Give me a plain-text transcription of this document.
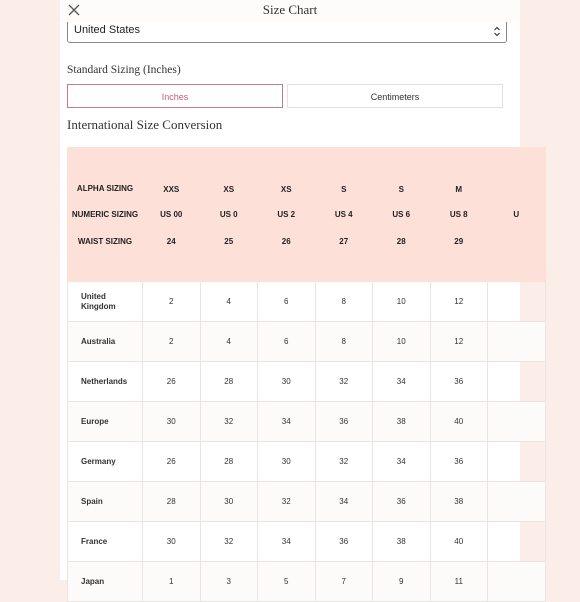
Size Chart
United States
Standard Sizing (Inches)
Inches	Centimeters
International Size Conversion
ALPHA SIZING	XXS	XS	XS	S	S	M	
NUMERIC SIZING	US 00	US 0	US 2	US 4	US 6	US 8	U
WAIST SIZING	24	25	26	27	28	29	
United Kingdom	2	4	6	8	10	12	
Australia	2	4	6	8	10	12	
Netherlands	26	28	30	32	34	36	
Europe	30	32	34	36	38	40	
Germany	26	28	30	32	34	36	
Spain	28	30	32	34	36	38	
France	30	32	34	36	38	40	
Japan	1	3	5	7	9	11	
